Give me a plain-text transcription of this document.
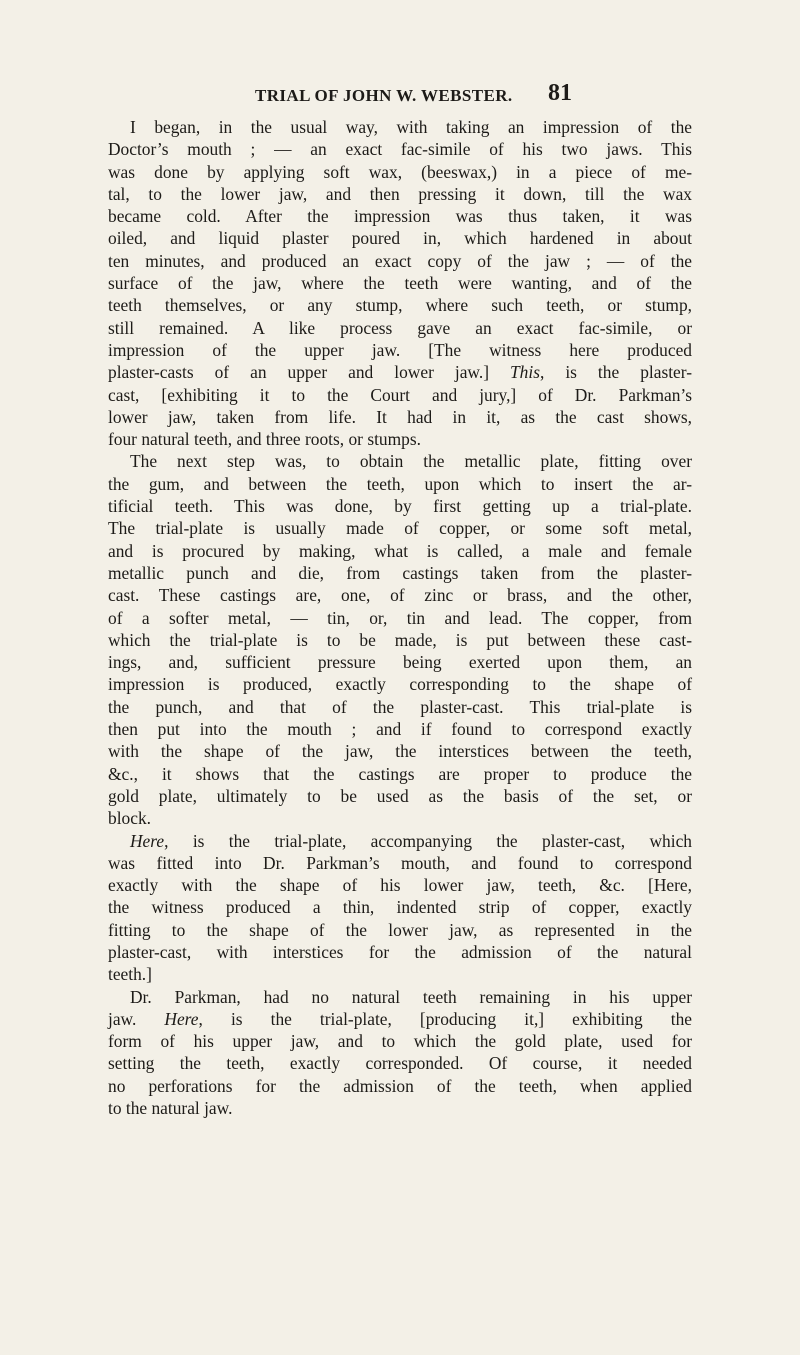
TRIAL OF JOHN W. WEBSTER. 81
I began, in the usual way, with taking an impression of the
Doctor’s mouth ; — an exact fac-simile of his two jaws. This
was done by applying soft wax, (beeswax,) in a piece of me-
tal, to the lower jaw, and then pressing it down, till the wax
became cold. After the impression was thus taken, it was
oiled, and liquid plaster poured in, which hardened in about
ten minutes, and produced an exact copy of the jaw ; — of the
surface of the jaw, where the teeth were wanting, and of the
teeth themselves, or any stump, where such teeth, or stump,
still remained. A like process gave an exact fac-simile, or
impression of the upper jaw. [The witness here produced
plaster-casts of an upper and lower jaw.] This, is the plaster-
cast, [exhibiting it to the Court and jury,] of Dr. Parkman’s
lower jaw, taken from life. It had in it, as the cast shows,
four natural teeth, and three roots, or stumps.
The next step was, to obtain the metallic plate, fitting over
the gum, and between the teeth, upon which to insert the ar-
tificial teeth. This was done, by first getting up a trial-plate.
The trial-plate is usually made of copper, or some soft metal,
and is procured by making, what is called, a male and female
metallic punch and die, from castings taken from the plaster-
cast. These castings are, one, of zinc or brass, and the other,
of a softer metal, — tin, or, tin and lead. The copper, from
which the trial-plate is to be made, is put between these cast-
ings, and, sufficient pressure being exerted upon them, an
impression is produced, exactly corresponding to the shape of
the punch, and that of the plaster-cast. This trial-plate is
then put into the mouth ; and if found to correspond exactly
with the shape of the jaw, the interstices between the teeth,
&c., it shows that the castings are proper to produce the
gold plate, ultimately to be used as the basis of the set, or
block.
Here, is the trial-plate, accompanying the plaster-cast, which
was fitted into Dr. Parkman’s mouth, and found to correspond
exactly with the shape of his lower jaw, teeth, &c. [Here,
the witness produced a thin, indented strip of copper, exactly
fitting to the shape of the lower jaw, as represented in the
plaster-cast, with interstices for the admission of the natural
teeth.]
Dr. Parkman, had no natural teeth remaining in his upper
jaw. Here, is the trial-plate, [producing it,] exhibiting the
form of his upper jaw, and to which the gold plate, used for
setting the teeth, exactly corresponded. Of course, it needed
no perforations for the admission of the teeth, when applied
to the natural jaw.
